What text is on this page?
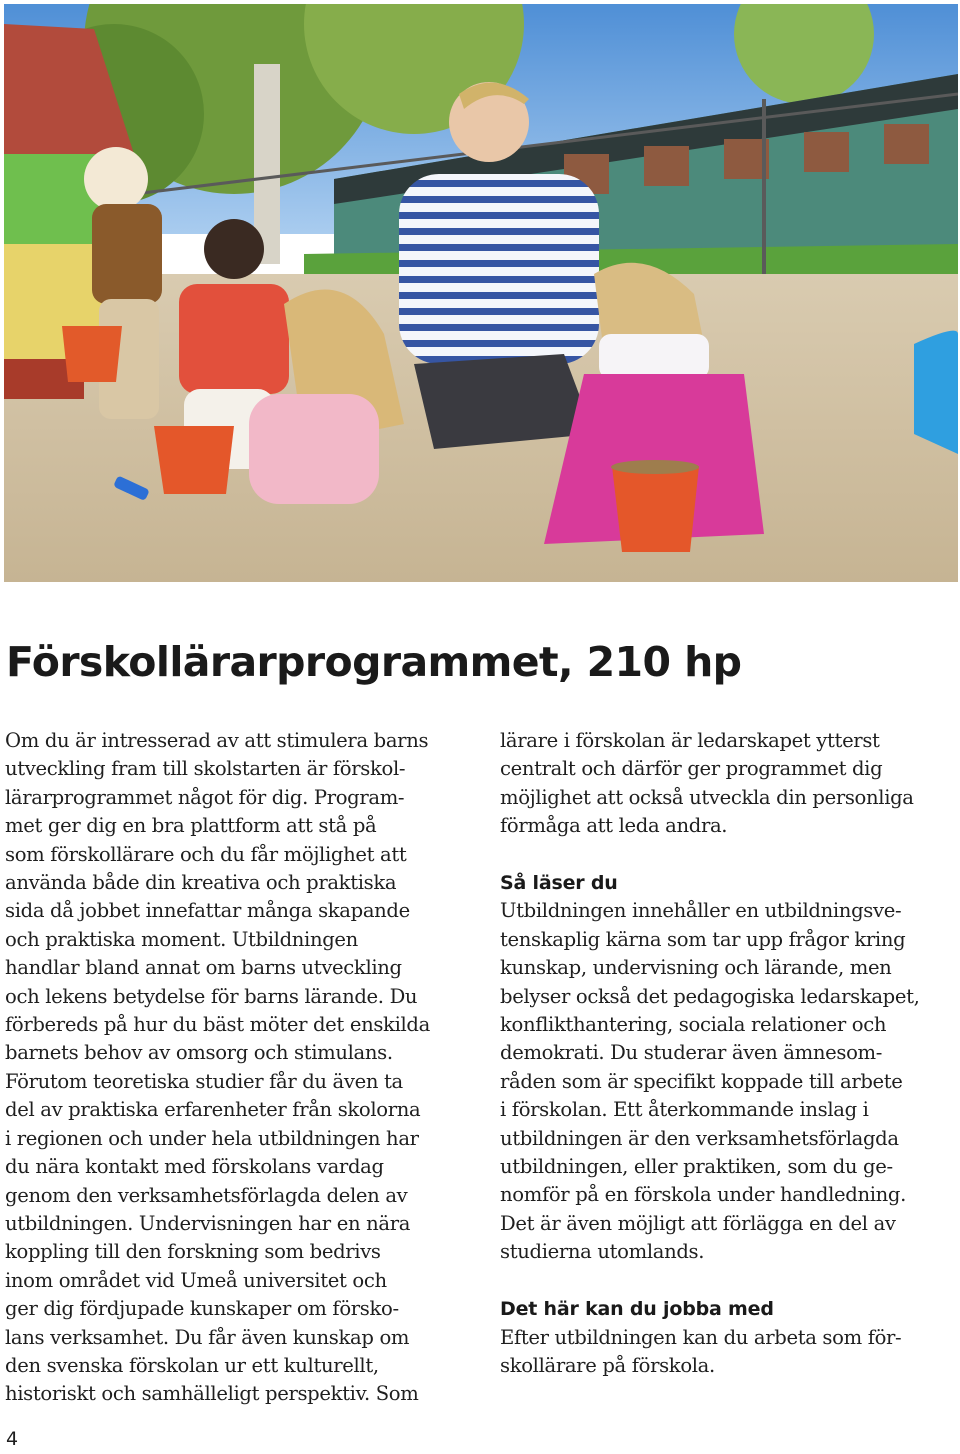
Förskollärarprogrammet, 210 hp

Om du är intresserad av att stimulera barns
utveckling fram till skolstarten är förskol-
lärarprogrammet något för dig. Program-
met ger dig en bra plattform att stå på
som förskollärare och du får möjlighet att
använda både din kreativa och praktiska
sida då jobbet innefattar många skapande
och praktiska moment. Utbildningen
handlar bland annat om barns utveckling
och lekens betydelse för barns lärande. Du
förbereds på hur du bäst möter det enskilda
barnets behov av omsorg och stimulans.
Förutom teoretiska studier får du även ta
del av praktiska erfarenheter från skolorna
i regionen och under hela utbildningen har
du nära kontakt med förskolans vardag
genom den verksamhetsförlagda delen av
utbildningen. Undervisningen har en nära
koppling till den forskning som bedrivs
inom området vid Umeå universitet och
ger dig fördjupade kunskaper om förskо-
lans verksamhet. Du får även kunskap om
den svenska förskolan ur ett kulturellt,
historiskt och samhälleligt perspektiv. Som

lärare i förskolan är ledarskapet ytterst
centralt och därför ger programmet dig
möjlighet att också utveckla din personliga
förmåga att leda andra.

Så läser du

Utbildningen innehåller en utbildningsve-
tenskaplig kärna som tar upp frågor kring
kunskap, undervisning och lärande, men
belyser också det pedagogiska ledarskapet,
konflikthantering, sociala relationer och
demokrati. Du studerar även ämnesom-
råden som är specifikt koppade till arbete
i förskolan. Ett återkommande inslag i
utbildningen är den verksamhetsförlagda
utbildningen, eller praktiken, som du ge-
nomför på en förskola under handledning.
Det är även möjligt att förlägga en del av
studierna utomlands.

Det här kan du jobba med

Efter utbildningen kan du arbeta som för-
skollärare på förskola.

4
